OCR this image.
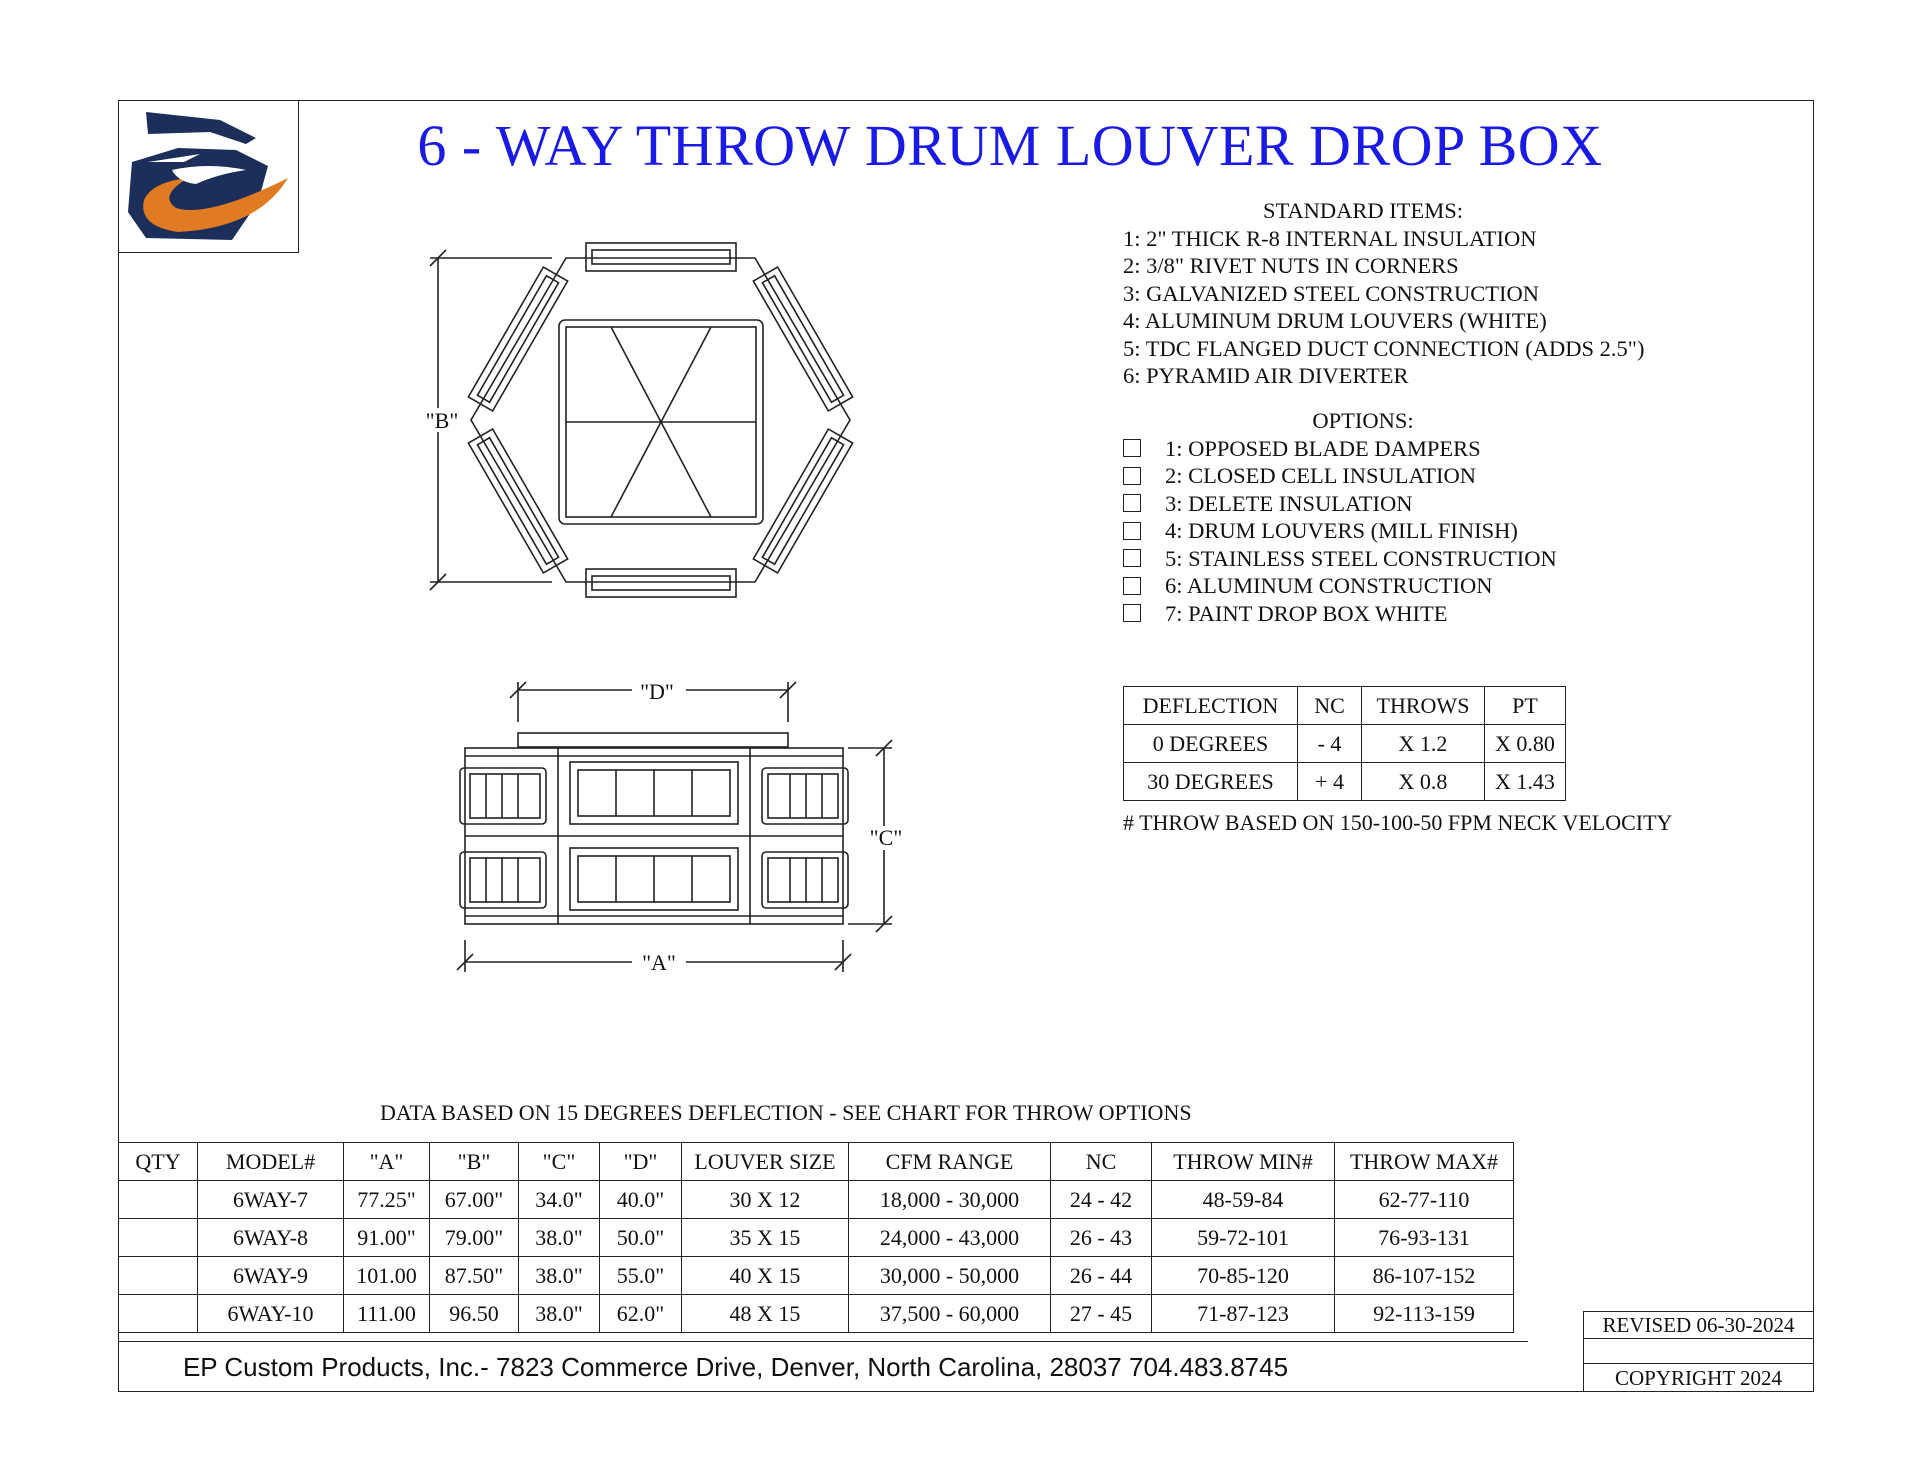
6 - WAY THROW DRUM LOUVER DROP BOX
"B"
"D"
"C"
"A"
STANDARD ITEMS:
1: 2" THICK R-8 INTERNAL INSULATION
2: 3/8" RIVET NUTS IN CORNERS
3: GALVANIZED STEEL CONSTRUCTION
4: ALUMINUM DRUM LOUVERS (WHITE)
5: TDC FLANGED DUCT CONNECTION (ADDS 2.5")
6: PYRAMID AIR DIVERTER
OPTIONS:
1: OPPOSED BLADE DAMPERS
2: CLOSED CELL INSULATION
3: DELETE INSULATION
4: DRUM LOUVERS (MILL FINISH)
5: STAINLESS STEEL CONSTRUCTION
6: ALUMINUM CONSTRUCTION
7: PAINT DROP BOX WHITE
DEFLECTION	NC	THROWS	PT
0 DEGREES	- 4	X 1.2	X 0.80
30 DEGREES	+ 4	X 0.8	X 1.43
# THROW BASED ON 150-100-50 FPM NECK VELOCITY
DATA BASED ON 15 DEGREES DEFLECTION - SEE CHART FOR THROW OPTIONS
QTY	MODEL#	"A"	"B"	"C"	"D"	LOUVER SIZE	CFM RANGE	NC	THROW MIN#	THROW MAX#
	6WAY-7	77.25"	67.00"	34.0"	40.0"	30 X 12	18,000 - 30,000	24 - 42	48-59-84	62-77-110
	6WAY-8	91.00"	79.00"	38.0"	50.0"	35 X 15	24,000 - 43,000	26 - 43	59-72-101	76-93-131
	6WAY-9	101.00	87.50"	38.0"	55.0"	40 X 15	30,000 - 50,000	26 - 44	70-85-120	86-107-152
	6WAY-10	111.00	96.50	38.0"	62.0"	48 X 15	37,500 - 60,000	27 - 45	71-87-123	92-113-159
EP Custom Products, Inc.- 7823 Commerce Drive, Denver, North Carolina, 28037 704.483.8745
REVISED 06-30-2024
COPYRIGHT 2024
